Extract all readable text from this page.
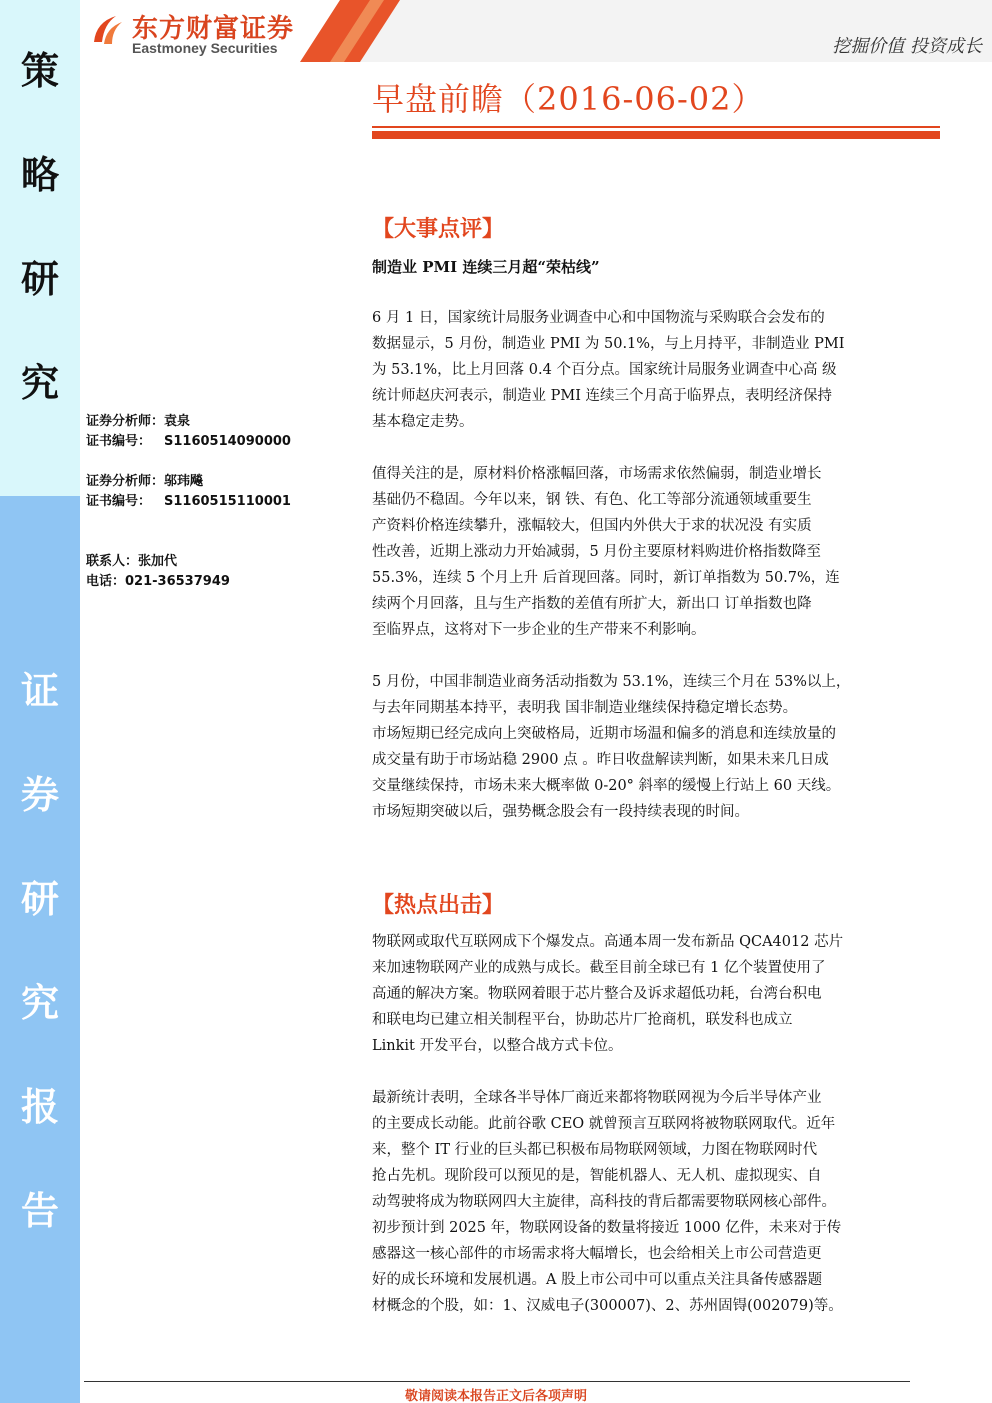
策
略
研
究
证
券
研
究
报
告
东方财富证券
Eastmoney Securities	挖掘价值 投资成长
早盘前瞻（2016-06-02）
证券分析师：袁泉
证书编号： S1160514090000
证券分析师：邬玮飚
证书编号： S1160515110001
联系人：张加代
电话：021-36537949
【大事点评】
制造业 PMI 连续三月超“荣枯线”
6 月 1 日，国家统计局服务业调查中心和中国物流与采购联合会发布的
数据显示，5 月份，制造业 PMI 为 50.1%，与上月持平，非制造业 PMI
为 53.1%，比上月回落 0.4 个百分点。国家统计局服务业调查中心高 级
统计师赵庆河表示，制造业 PMI 连续三个月高于临界点，表明经济保持
基本稳定走势。
值得关注的是，原材料价格涨幅回落，市场需求依然偏弱，制造业增长
基础仍不稳固。今年以来，钢 铁、有色、化工等部分流通领域重要生
产资料价格连续攀升，涨幅较大，但国内外供大于求的状况没 有实质
性改善，近期上涨动力开始减弱，5 月份主要原材料购进价格指数降至
55.3%，连续 5 个月上升 后首现回落。同时，新订单指数为 50.7%，连
续两个月回落，且与生产指数的差值有所扩大，新出口 订单指数也降
至临界点，这将对下一步企业的生产带来不利影响。
5 月份，中国非制造业商务活动指数为 53.1%，连续三个月在 53%以上，
与去年同期基本持平，表明我 国非制造业继续保持稳定增长态势。
市场短期已经完成向上突破格局，近期市场温和偏多的消息和连续放量的
成交量有助于市场站稳 2900 点 。昨日收盘解读判断，如果未来几日成
交量继续保持，市场未来大概率做 0-20° 斜率的缓慢上行站上 60 天线。
市场短期突破以后，强势概念股会有一段持续表现的时间。
【热点出击】
物联网或取代互联网成下个爆发点。高通本周一发布新品 QCA4012 芯片
来加速物联网产业的成熟与成长。截至目前全球已有 1 亿个装置使用了
高通的解决方案。物联网着眼于芯片整合及诉求超低功耗，台湾台积电
和联电均已建立相关制程平台，协助芯片厂抢商机，联发科也成立
Linkit 开发平台，以整合战方式卡位。
最新统计表明，全球各半导体厂商近来都将物联网视为今后半导体产业
的主要成长动能。此前谷歌 CEO 就曾预言互联网将被物联网取代。近年
来，整个 IT 行业的巨头都已积极布局物联网领域，力图在物联网时代
抢占先机。现阶段可以预见的是，智能机器人、无人机、虚拟现实、自
动驾驶将成为物联网四大主旋律，高科技的背后都需要物联网核心部件。
初步预计到 2025 年，物联网设备的数量将接近 1000 亿件，未来对于传
感器这一核心部件的市场需求将大幅增长，也会给相关上市公司营造更
好的成长环境和发展机遇。A 股上市公司中可以重点关注具备传感器题
材概念的个股，如：1、汉威电子(300007)、2、苏州固锝(002079)等。
敬请阅读本报告正文后各项声明
